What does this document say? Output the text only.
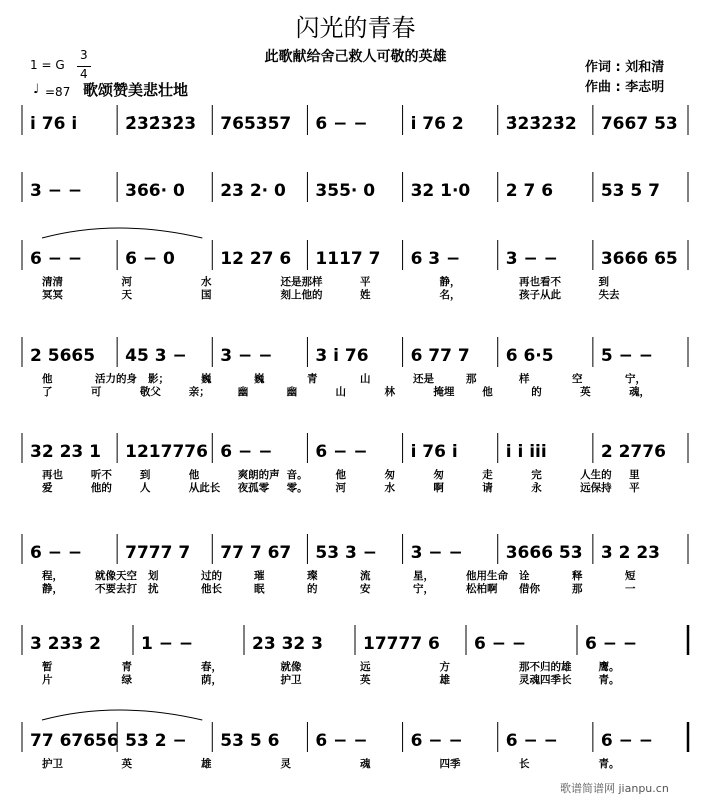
闪光的青春
此歌献给舍己救人可敬的英雄
作词 : 刘和清
作曲 : 李志明
1 = G
3
4
♩ =87 歌颂赞美悲壮地
i 76 i	2̇32̇32̇3 765357 6 − −	i 76 2 3̇23̇23̇2 7667 53
3 − −	366· 0 23 2· 0 355· 0 32 1·0 2 7 6	53 5 7
6 − −	6 − 0	12 27 6 1117 7 6 3 −	3 − −	3666 65
清清	河	水	还是那样	平	静，	再也看不	到
冥冥	天	国	刻上他的	姓	名，	孩子从此	失去
2 5665 45 3 − 3 − −	3 i 76 6 77 7 6 6·5	5 − −
他	活力的身 影；	巍	巍	青	山	还是	那	样	空	宁，
了	可	敬父	亲；	幽	幽	山	林	掩埋	他	的	英	魂，
32 23 1 1217776 6 − −	6 − −	i 76 i	i i iii	2 2776
再也	听不	到	他	爽朗的声 音。	他	匆	匆	走	完	人生的 里
爱	他的	人	从此长 夜孤零 零。	河	水	啊	请	永	远保持 平
6 − −	7777 7 77 7 67 53 3 − 3 − −	3666 53 3 2 23
程，	就像天空 划	过的	璀	璨	流	星，	他用生命 诠	释	短
静，	不要去打 扰	他长	眠	的	安	宁，	松柏啊 借你	那	一
3 233 2 1 − −	23 32 3 17777 6 6 − −	6 − −
暂	青	春，	就像	远	方	那不归的雄	鹰。
片	绿	荫，	护卫	英	雄	灵魂四季长	青。
77 67656 53 2 − 53 5 6 6 − −	6 − −	6 − −	6 − −
护卫	英	雄	灵	魂	四季	长	青。
歌谱简谱网 jianpu.cn
